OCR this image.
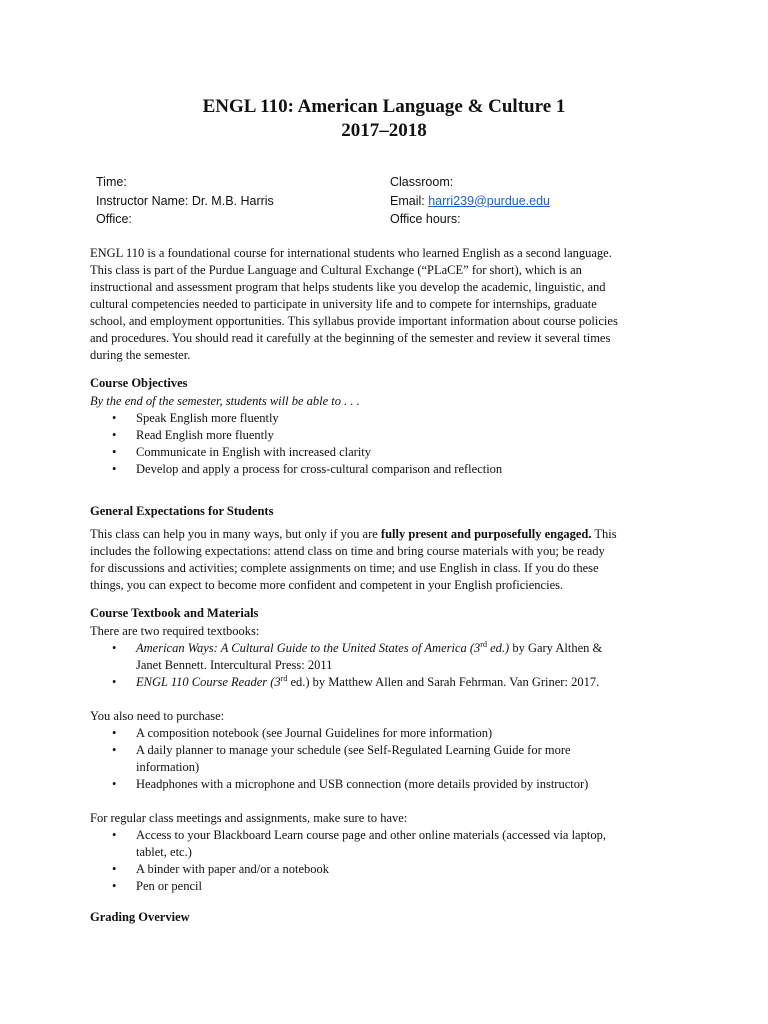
ENGL 110: American Language & Culture 1
2017–2018
Time:
Instructor Name: Dr. M.B. Harris
Office:
Classroom:
Email: harri239@purdue.edu
Office hours:
ENGL 110 is a foundational course for international students who learned English as a second language.
This class is part of the Purdue Language and Cultural Exchange (“PLaCE” for short), which is an
instructional and assessment program that helps students like you develop the academic, linguistic, and
cultural competencies needed to participate in university life and to compete for internships, graduate
school, and employment opportunities. This syllabus provide important information about course policies
and procedures. You should read it carefully at the beginning of the semester and review it several times
during the semester.
Course Objectives
By the end of the semester, students will be able to . . .
• Speak English more fluently
• Read English more fluently
• Communicate in English with increased clarity
• Develop and apply a process for cross-cultural comparison and reflection
General Expectations for Students
This class can help you in many ways, but only if you are fully present and purposefully engaged. This
includes the following expectations: attend class on time and bring course materials with you; be ready
for discussions and activities; complete assignments on time; and use English in class. If you do these
things, you can expect to become more confident and competent in your English proficiencies.
Course Textbook and Materials
There are two required textbooks:
• American Ways: A Cultural Guide to the United States of America (3rd ed.) by Gary Althen &
Janet Bennett. Intercultural Press: 2011
• ENGL 110 Course Reader (3rd ed.) by Matthew Allen and Sarah Fehrman. Van Griner: 2017.
You also need to purchase:
• A composition notebook (see Journal Guidelines for more information)
• A daily planner to manage your schedule (see Self-Regulated Learning Guide for more
information)
• Headphones with a microphone and USB connection (more details provided by instructor)
For regular class meetings and assignments, make sure to have:
• Access to your Blackboard Learn course page and other online materials (accessed via laptop,
tablet, etc.)
• A binder with paper and/or a notebook
• Pen or pencil
Grading Overview
